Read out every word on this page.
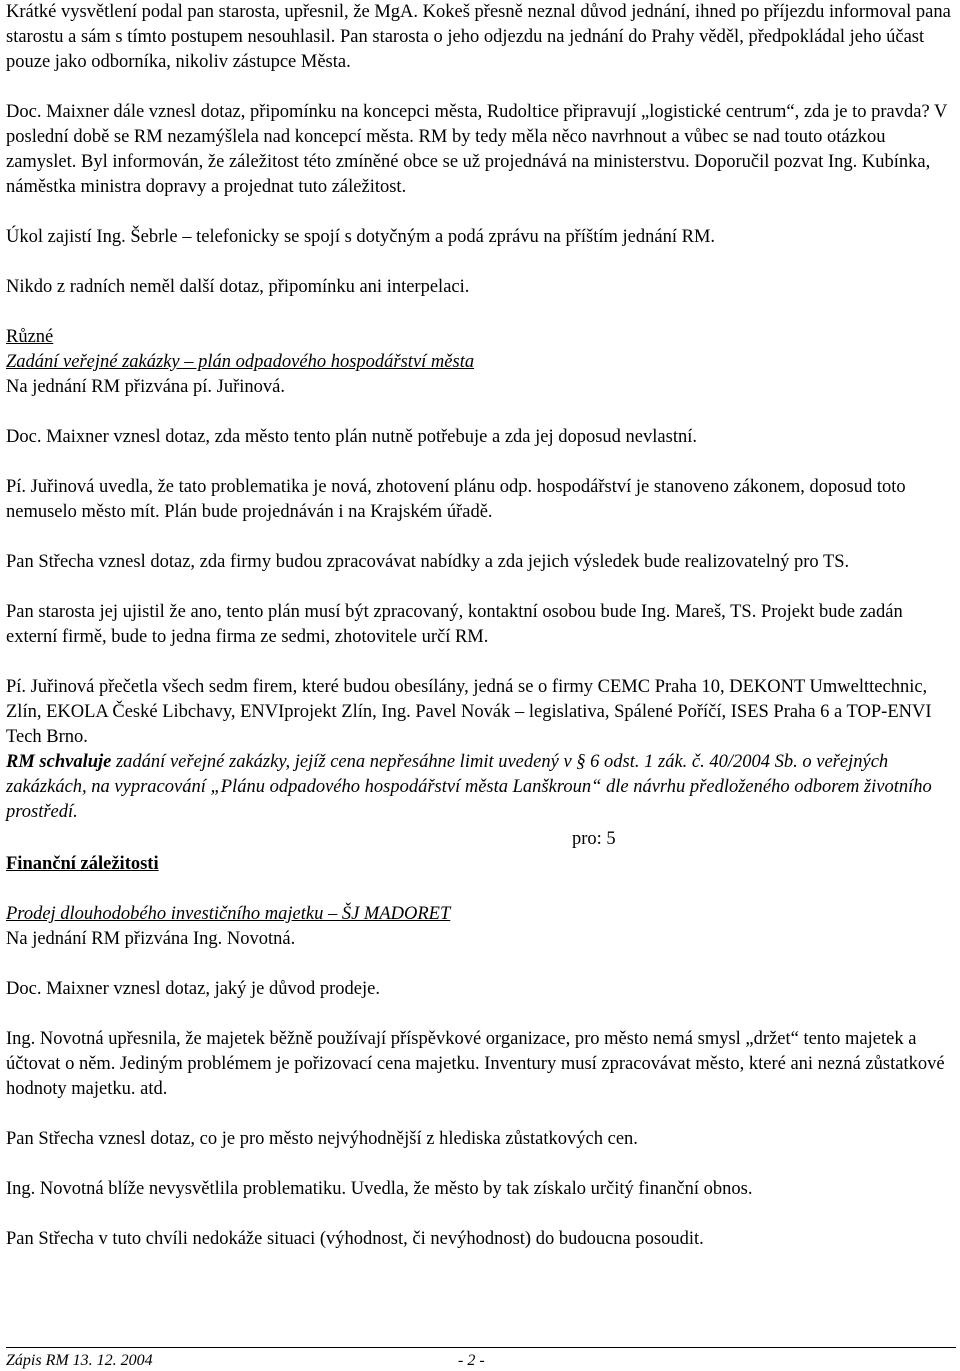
Krátké vysvětlení podal pan starosta, upřesnil, že MgA. Kokeš přesně neznal důvod jednání, ihned po příjezdu informoval pana starostu a sám s tímto postupem nesouhlasil. Pan starosta o jeho odjezdu na jednání do Prahy věděl, předpokládal jeho účast pouze jako odborníka, nikoliv zástupce Města.

Doc. Maixner dále vznesl dotaz, připomínku na koncepci města, Rudoltice připravují „logistické centrum“, zda je to pravda? V poslední době se RM nezamýšlela nad koncepcí města. RM by tedy měla něco navrhnout a vůbec se nad touto otázkou zamyslet. Byl informován, že záležitost této zmíněné obce se už projednává na ministerstvu. Doporučil pozvat Ing. Kubínka, náměstka ministra dopravy a projednat tuto záležitost.

Úkol zajistí Ing. Šebrle – telefonicky se spojí s dotyčným a podá zprávu na příštím jednání RM.

Nikdo z radních neměl další dotaz, připomínku ani interpelaci.

Různé

Zadání veřejné zakázky – plán odpadového hospodářství města

Na jednání RM přizvána pí. Juřinová.

Doc. Maixner vznesl dotaz, zda město tento plán nutně potřebuje a zda jej doposud nevlastní.

Pí. Juřinová uvedla, že tato problematika je nová, zhotovení plánu odp. hospodářství je stanoveno zákonem, doposud toto nemuselo město mít. Plán bude projednáván i na Krajském úřadě.

Pan Střecha vznesl dotaz, zda firmy budou zpracovávat nabídky a zda jejich výsledek bude realizovatelný pro TS.

Pan starosta jej ujistil že ano, tento plán musí být zpracovaný, kontaktní osobou bude Ing. Mareš, TS. Projekt bude zadán externí firmě, bude to jedna firma ze sedmi, zhotovitele určí RM.

Pí. Juřinová přečetla všech sedm firem, které budou obesílány, jedná se o firmy CEMC Praha 10, DEKONT Umwelttechnic, Zlín, EKOLA České Libchavy, ENVIprojekt Zlín, Ing. Pavel Novák – legislativa, Spálené Poříčí, ISES Praha 6 a TOP-ENVI Tech Brno.

RM schvaluje zadání veřejné zakázky, jejíž cena nepřesáhne limit uvedený v § 6 odst. 1 zák. č. 40/2004 Sb. o veřejných zakázkách, na vypracování „Plánu odpadového hospodářství města Lanškroun“ dle návrhu předloženého odborem životního prostředí.

pro: 5

Finanční záležitosti

Prodej dlouhodobého investičního majetku – ŠJ MADORET

Na jednání RM přizvána Ing. Novotná.

Doc. Maixner vznesl dotaz, jaký je důvod prodeje.

Ing. Novotná upřesnila, že majetek běžně používají příspěvkové organizace, pro město nemá smysl „držet“ tento majetek a účtovat o něm. Jediným problémem je pořizovací cena majetku. Inventury musí zpracovávat město, které ani nezná zůstatkové hodnoty majetku. atd.

Pan Střecha vznesl dotaz, co je pro město nejvýhodnější z hlediska zůstatkových cen.

Ing. Novotná blíže nevysvětlila problematiku. Uvedla, že město by tak získalo určitý finanční obnos.

Pan Střecha v tuto chvíli nedokáže situaci (výhodnost, či nevýhodnost) do budoucna posoudit.

Zápis RM 13. 12. 2004	- 2 -
